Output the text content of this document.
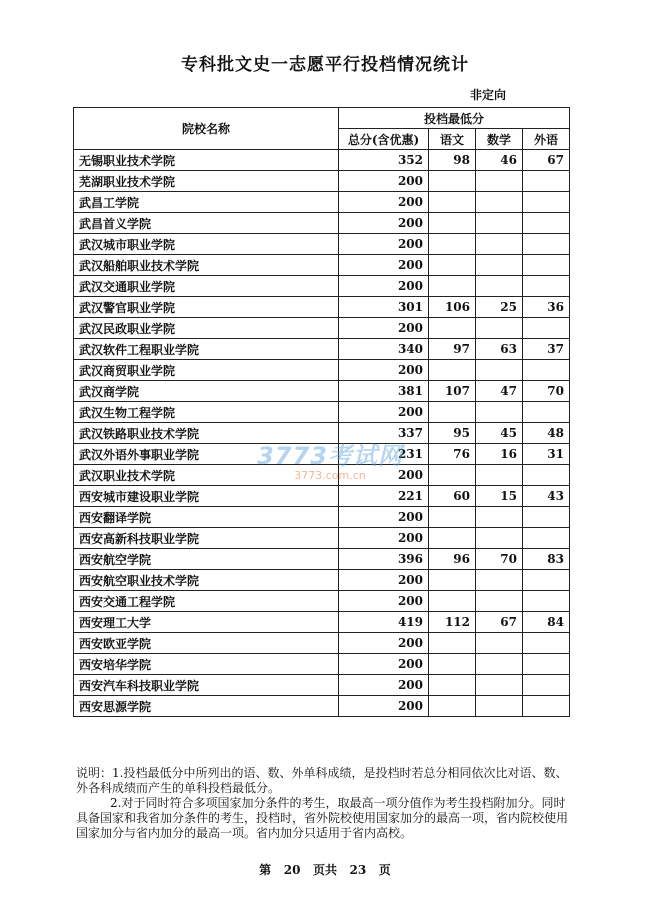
专科批文史一志愿平行投档情况统计
非定向
院校名称	投档最低分			
	总分(含优惠)	语文	数学	外语
无锡职业技术学院	352	98	46	67
芜湖职业技术学院	200			
武昌工学院	200			
武昌首义学院	200			
武汉城市职业学院	200			
武汉船舶职业技术学院	200			
武汉交通职业学院	200			
武汉警官职业学院	301	106	25	36
武汉民政职业学院	200			
武汉软件工程职业学院	340	97	63	37
武汉商贸职业学院	200			
武汉商学院	381	107	47	70
武汉生物工程学院	200			
武汉铁路职业技术学院	337	95	45	48
武汉外语外事职业学院	231	76	16	31
武汉职业技术学院	200			
西安城市建设职业学院	221	60	15	43
西安翻译学院	200			
西安高新科技职业学院	200			
西安航空学院	396	96	70	83
西安航空职业技术学院	200			
西安交通工程学院	200			
西安理工大学	419	112	67	84
西安欧亚学院	200			
西安培华学院	200			
西安汽车科技职业学院	200			
西安思源学院	200			
3773考试网
3773.com.cn

说明：1.投档最低分中所列出的语、数、外单科成绩，是投档时若总分相同依次比对语、数、外各科成绩而产生的单科投档最低分。

2.对于同时符合多项国家加分条件的考生，取最高一项分值作为考生投档附加分。同时具备国家和我省加分条件的考生，投档时，省外院校使用国家加分的最高一项，省内院校使用国家加分与省内加分的最高一项。省内加分只适用于省内高校。

第 20 页共 23 页
